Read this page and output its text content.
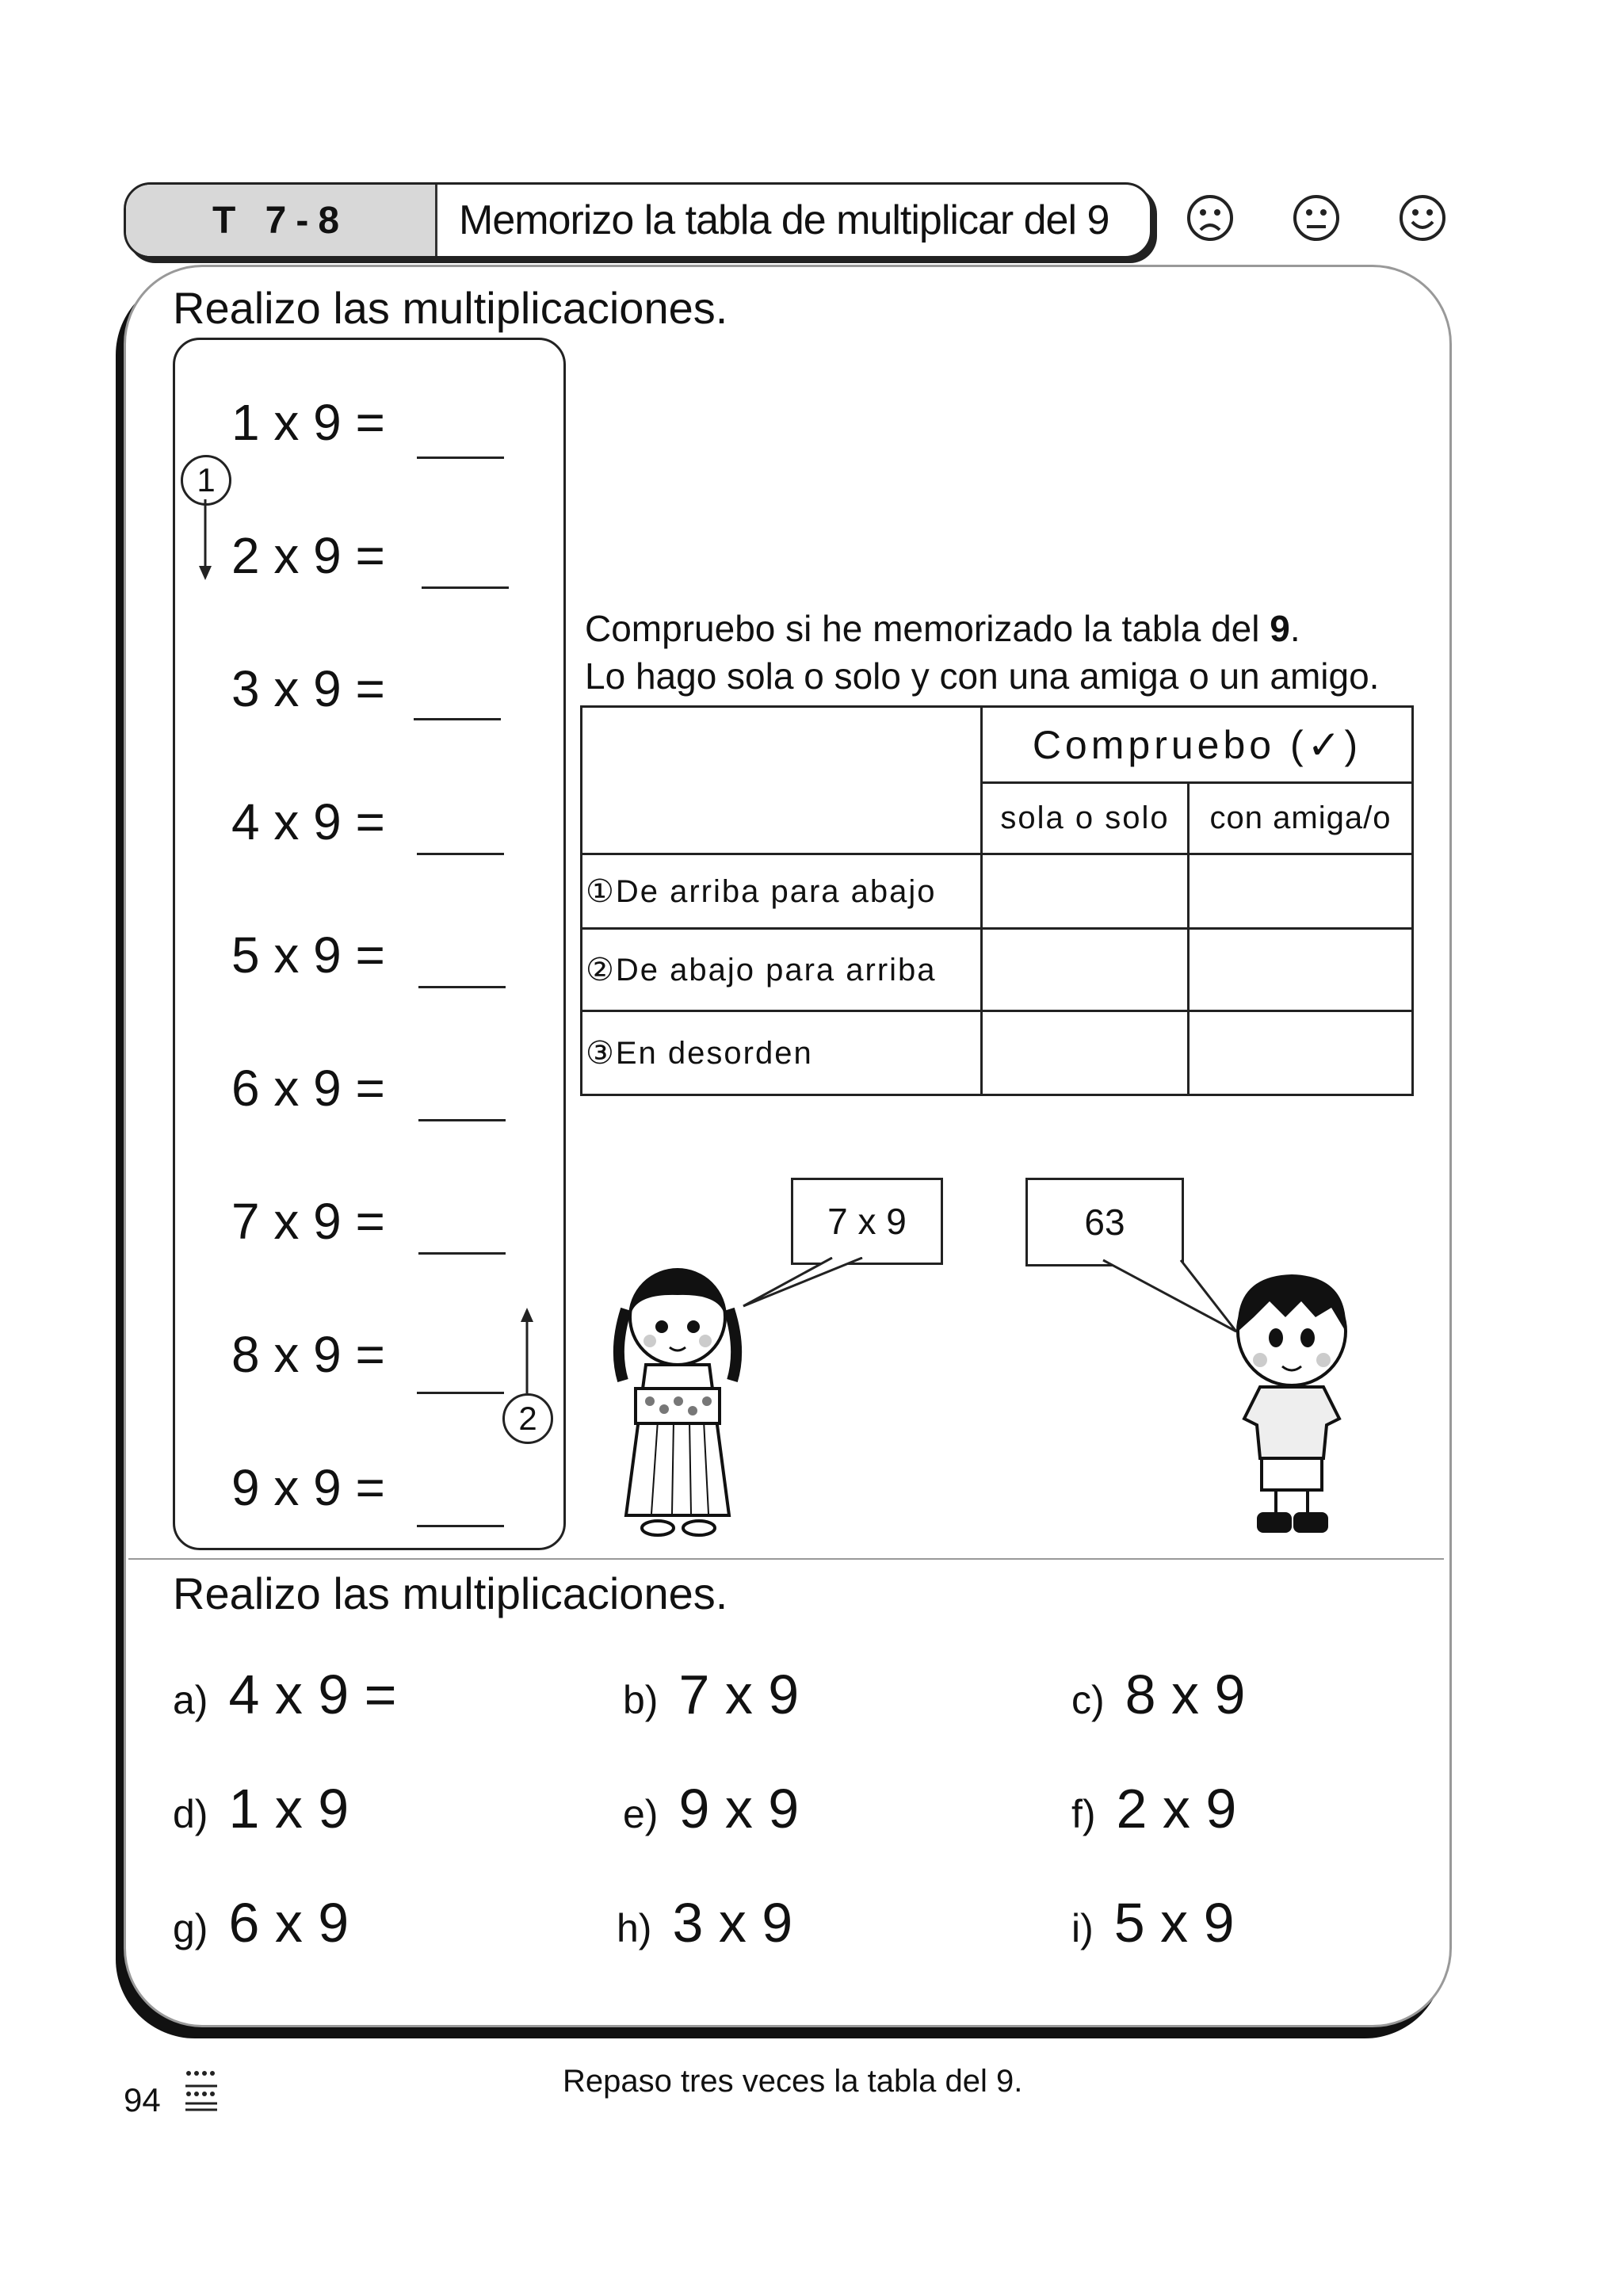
T 7-8	Memorizo la tabla de multiplicar del 9
Realizo las multiplicaciones.
1 x 9 =
2 x 9 =
3 x 9 =
4 x 9 =
5 x 9 =
6 x 9 =
7 x 9 =
8 x 9 =
9 x 9 =
1
2
Compruebo si he memorizado la tabla del 9.
Lo hago sola o solo y con una amiga o un amigo.
	Compruebo (✓)	
	sola o solo	con amiga/o
①De arriba para abajo		
②De abajo para arriba		
③En desorden		
7 x 9	63
Realizo las multiplicaciones.
a) 4 x 9 =	b) 7 x 9	c) 8 x 9
d) 1 x 9	e) 9 x 9	f) 2 x 9
g) 6 x 9	h) 3 x 9	i) 5 x 9
94	Repaso tres veces la tabla del 9.
